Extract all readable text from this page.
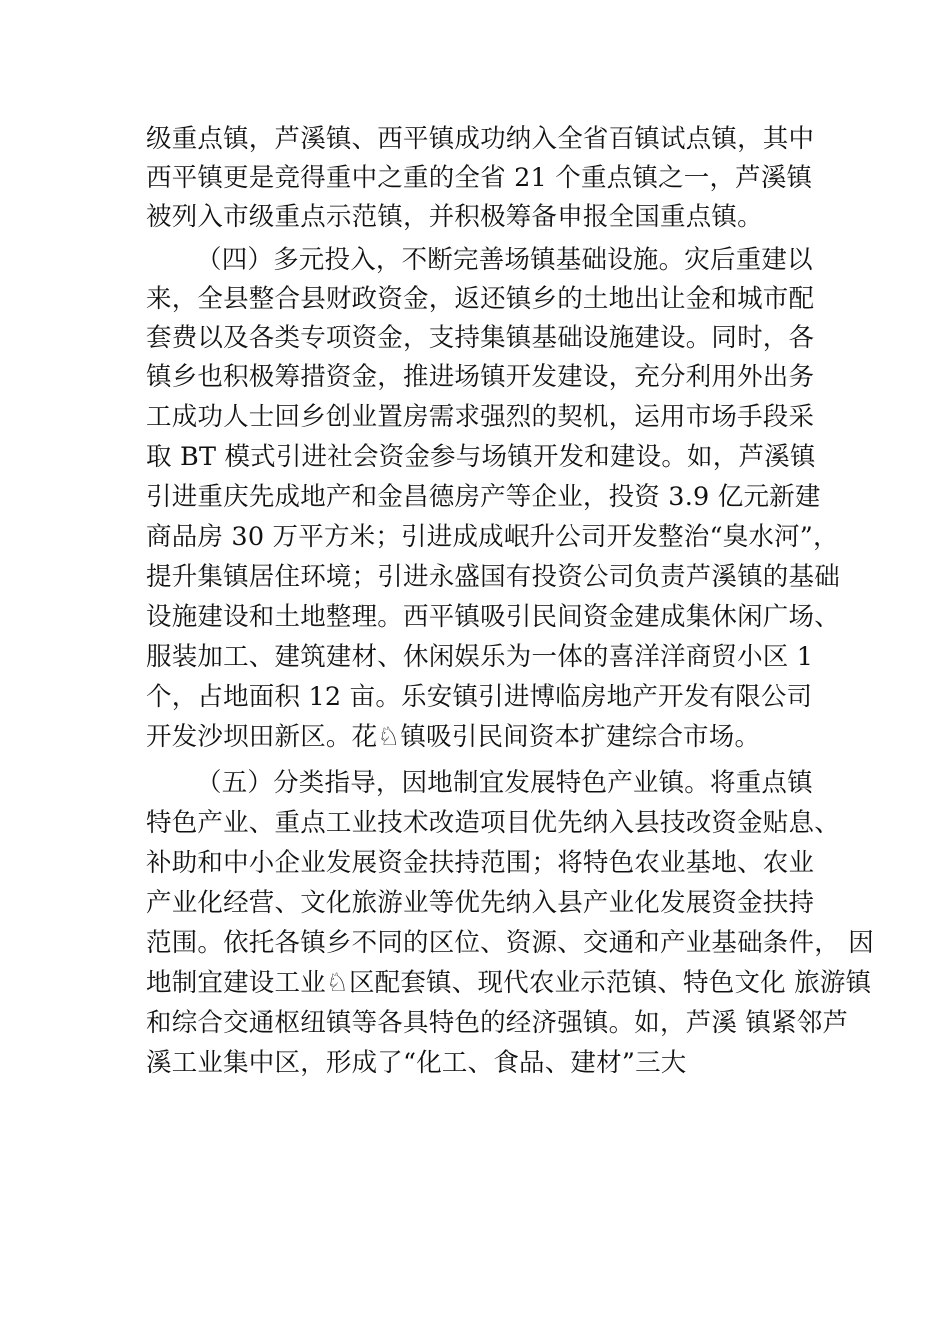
级重点镇，芦溪镇、西平镇成功纳入全省百镇试点镇，其中
西平镇更是竞得重中之重的全省 21 个重点镇之一，芦溪镇
被列入市级重点示范镇，并积极筹备申报全国重点镇。
（四）多元投入，不断完善场镇基础设施。灾后重建以
来，全县整合县财政资金，返还镇乡的土地出让金和城市配
套费以及各类专项资金，支持集镇基础设施建设。同时，各
镇乡也积极筹措资金，推进场镇开发建设，充分利用外出务
工成功人士回乡创业置房需求强烈的契机，运用市场手段采
取 BT 模式引进社会资金参与场镇开发和建设。如，芦溪镇
引进重庆先成地产和金昌德房产等企业，投资 3.9 亿元新建
商品房 30 万平方米；引进成成岷升公司开发整治“臭水河”，
提升集镇居住环境；引进永盛国有投资公司负责芦溪镇的基础
设施建设和土地整理。西平镇吸引民间资金建成集休闲广场、
服装加工、建筑建材、休闲娱乐为一体的喜洋洋商贸小区 1
个，占地面积 12 亩。乐安镇引进博临房地产开发有限公司
开发沙坝田新区。花♘镇吸引民间资本扩建综合市场。
（五）分类指导，因地制宜发展特色产业镇。将重点镇
特色产业、重点工业技术改造项目优先纳入县技改资金贴息、
补助和中小企业发展资金扶持范围；将特色农业基地、农业
产业化经营、文化旅游业等优先纳入县产业化发展资金扶持
范围。依托各镇乡不同的区位、资源、交通和产业基础条件， 因
地制宜建设工业♘区配套镇、现代农业示范镇、特色文化 旅游镇
和综合交通枢纽镇等各具特色的经济强镇。如，芦溪 镇紧邻芦
溪工业集中区，形成了“化工、食品、建材”三大
